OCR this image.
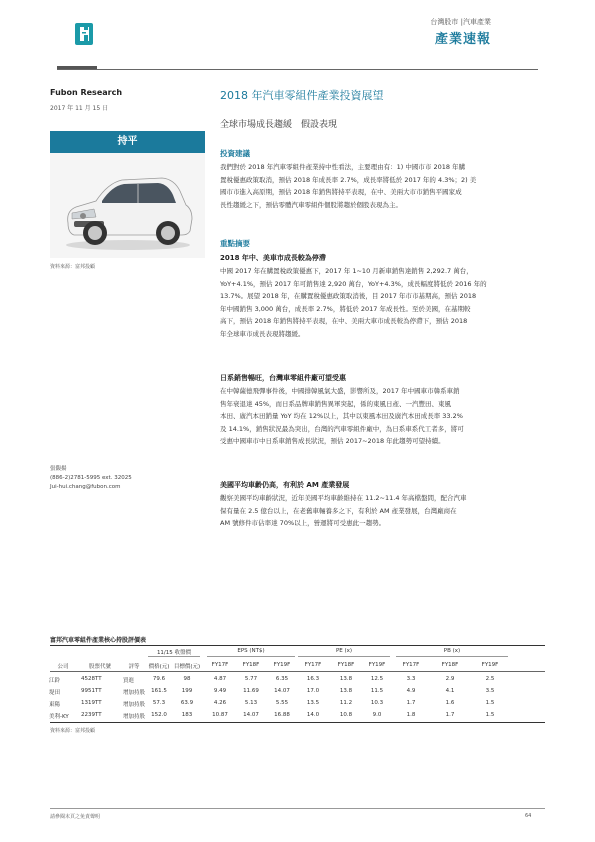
台灣股市 |汽車產業
產業速報
Fubon Research
2017 年 11 月 15 日
持平
資料來源：富邦投顧
張馥揚
(886-2)2781-5995 ext. 32025
Jui-hui.chang@fubon.com
2018 年汽車零組件產業投資展望
全球市場成長趨緩　假設表現
投資建議
我們對於 2018 年汽車零組件產業持中性看法，主要理由有：1) 中國市市 2018 年購
置稅優惠政策取消，預估 2018 年成長率 2.7%，成長率將低於 2017 年的 4.3%；2) 美
國市市進入高原期，預估 2018 年銷售將持平表現，在中、美兩大市市銷售平國家成
長性趨緩之下，預估零體汽車零組件個股將趨於個股表現為主。
重點摘要
2018 年中、美車市成長較為停滯
中國 2017 年在購置稅政策優惠下，2017 年 1~10 月新車銷售達銷售 2,292.7 萬台，
YoY+4.1%，預估 2017 年可銷售達 2,920 萬台，YoY+4.3%，成長幅度將低於 2016 年的
13.7%。展望 2018 年，在購置稅優惠政策取消後，目 2017 年市市基期高，預估 2018
年中國銷售 3,000 萬台，成長率 2.7%，將低於 2017 年成長性。至於美國，在基期較
高下，預估 2018 年銷售將持平表現，在中、美兩大車市成長較為停滯下，預估 2018
年全球車市成長表現將趨緩。
日系銷售暢旺，台灣車零組件廠可望受惠
在中韓薩德飛彈事件後，中國排韓風氣大盛，影響所及，2017 年中國車市韓系車銷
售年衰退達 45%，而日系品牌車銷售異軍突起，係的東風日產、一汽豐田、東風
本田、廣汽本田銷量 YoY 均在 12%以上，其中以東風本田及廣汽本田成長率 33.2%
及 14.1%，銷售狀況最為突出，台灣的汽車零組件廠中，為日系車系代工者多，將可
受惠中國車市中日系車銷售成長狀況，預估 2017~2018 年此趨勢可望持續。
美國平均車齡仍高，有利於 AM 產業發展
觀察美國平均車齡狀況，近年美國平均車齡維持在 11.2~11.4 年高檔盤間，配合汽車
保有量在 2.5 億台以上，在老舊車輛養多之下，有利於 AM 產業發展，台灣廠商在
AM 號修件市佔率達 70%以上，營運將可受惠此一趨勢。
富邦汽車零組件產業核心持股評價表
11/15 收盤價	EPS (NT$)	PE (x)	PB (x)
公司	股票代號	評等	價格(元) 目標價(元)	FY17F	FY18F	FY19F	FY17F	FY18F	FY19F	FY17F	FY18F	FY19F
江鈴	4528TT	買進	79.6	98	4.87	5.77	6.35	16.3	13.8	12.5	3.3	2.9	2.5
堤田	9951TT	增加持股	161.5	199	9.49	11.69	14.07	17.0	13.8	11.5	4.9	4.1	3.5
東陽	1319TT	增加持股	57.3	63.9	4.26	5.13	5.55	13.5	11.2	10.3	1.7	1.6	1.5
美利-KY	2239TT	增加持股	152.0	183	10.87	14.07	16.88	14.0	10.8	9.0	1.8	1.7	1.5
資料來源：富邦投顧
請參閱末頁之免責聲明	64
